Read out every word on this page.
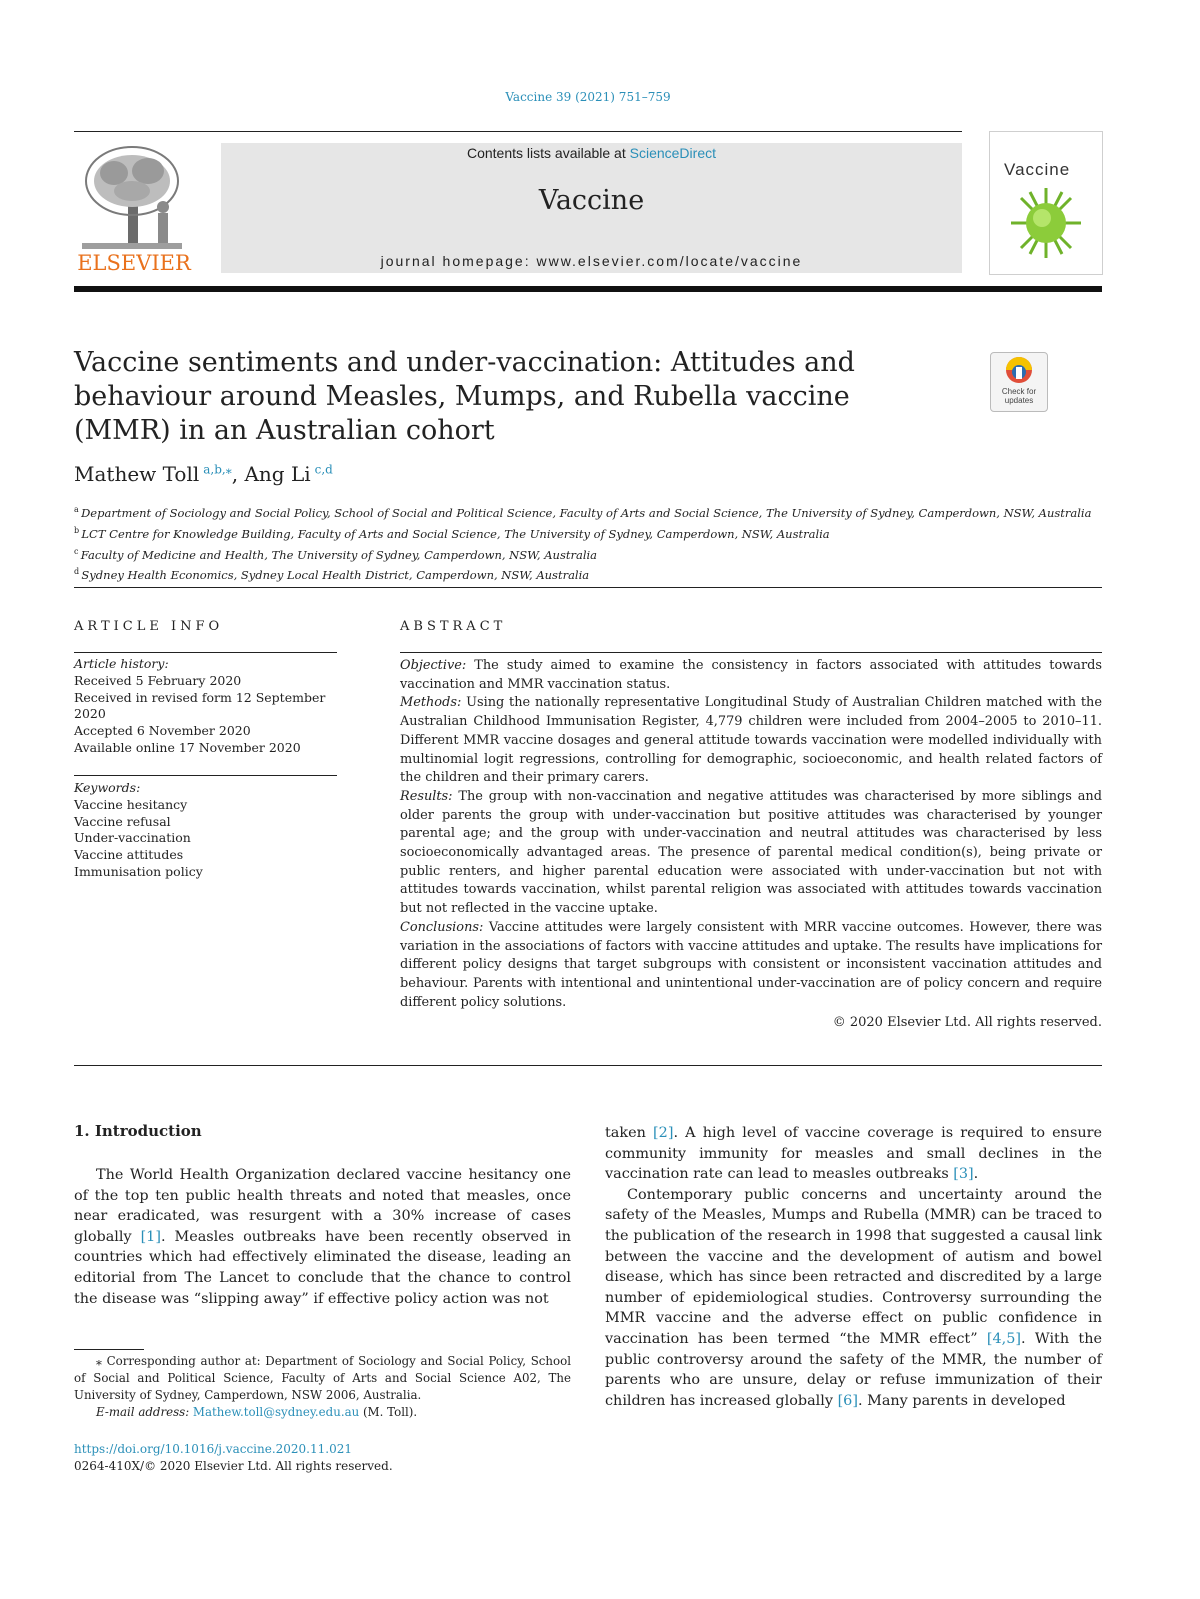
Vaccine 39 (2021) 751–759
ELSEVIER
Contents lists available at ScienceDirect
Vaccine
journal homepage: www.elsevier.com/locate/vaccine
Vaccine
Vaccine sentiments and under-vaccination: Attitudes and behaviour around Measles, Mumps, and Rubella vaccine (MMR) in an Australian cohort
Check for updates
Mathew Toll  $^{a,b,⁎}$, Ang Li  $^{c,d}$
$^a$  Department of Sociology and Social Policy, School of Social and Political Science, Faculty of Arts and Social Science, The University of Sydney, Camperdown, NSW, Australia
$^b$  LCT Centre for Knowledge Building, Faculty of Arts and Social Science, The University of Sydney, Camperdown, NSW, Australia
$^c$  Faculty of Medicine and Health, The University of Sydney, Camperdown, NSW, Australia
$^d$  Sydney Health Economics, Sydney Local Health District, Camperdown, NSW, Australia
ARTICLE INFO
Article history:
Received 5 February 2020
Received in revised form 12 September 2020
Accepted 6 November 2020
Available online 17 November 2020
Keywords:
Vaccine hesitancy
Vaccine refusal
Under-vaccination
Vaccine attitudes
Immunisation policy
ABSTRACT

Objective: The study aimed to examine the consistency in factors associated with attitudes towards vaccination and MMR vaccination status.

Methods: Using the nationally representative Longitudinal Study of Australian Children matched with the Australian Childhood Immunisation Register, 4,779 children were included from 2004–2005 to 2010–11. Different MMR vaccine dosages and general attitude towards vaccination were modelled individually with multinomial logit regressions, controlling for demographic, socioeconomic, and health related factors of the children and their primary carers.

Results: The group with non-vaccination and negative attitudes was characterised by more siblings and older parents the group with under-vaccination but positive attitudes was characterised by younger parental age; and the group with under-vaccination and neutral attitudes was characterised by less socioeconomically advantaged areas. The presence of parental medical condition(s), being private or public renters, and higher parental education were associated with under-vaccination but not with attitudes towards vaccination, whilst parental religion was associated with attitudes towards vaccination but not reflected in the vaccine uptake.

Conclusions: Vaccine attitudes were largely consistent with MRR vaccine outcomes. However, there was variation in the associations of factors with vaccine attitudes and uptake. The results have implications for different policy designs that target subgroups with consistent or inconsistent vaccination attitudes and behaviour. Parents with intentional and unintentional under-vaccination are of policy concern and require different policy solutions.

© 2020 Elsevier Ltd. All rights reserved.
1. Introduction

The World Health Organization declared vaccine hesitancy one of the top ten public health threats and noted that measles, once near eradicated, was resurgent with a 30% increase of cases globally [1]. Measles outbreaks have been recently observed in countries which had effectively eliminated the disease, leading an editorial from The Lancet to conclude that the chance to control the disease was “slipping away” if effective policy action was not

taken [2]. A high level of vaccine coverage is required to ensure community immunity for measles and small declines in the vaccination rate can lead to measles outbreaks [3].

Contemporary public concerns and uncertainty around the safety of the Measles, Mumps and Rubella (MMR) can be traced to the publication of the research in 1998 that suggested a causal link between the vaccine and the development of autism and bowel disease, which has since been retracted and discredited by a large number of epidemiological studies. Controversy surrounding the MMR vaccine and the adverse effect on public confidence in vaccination has been termed “the MMR effect” [4,5]. With the public controversy around the safety of the MMR, the number of parents who are unsure, delay or refuse immunization of their children has increased globally [6]. Many parents in developed

⁎ Corresponding author at: Department of Sociology and Social Policy, School of Social and Political Science, Faculty of Arts and Social Science A02, The University of Sydney, Camperdown, NSW 2006, Australia.

E-mail address: Mathew.toll@sydney.edu.au (M. Toll).

https://doi.org/10.1016/j.vaccine.2020.11.021
0264-410X/© 2020 Elsevier Ltd. All rights reserved.
